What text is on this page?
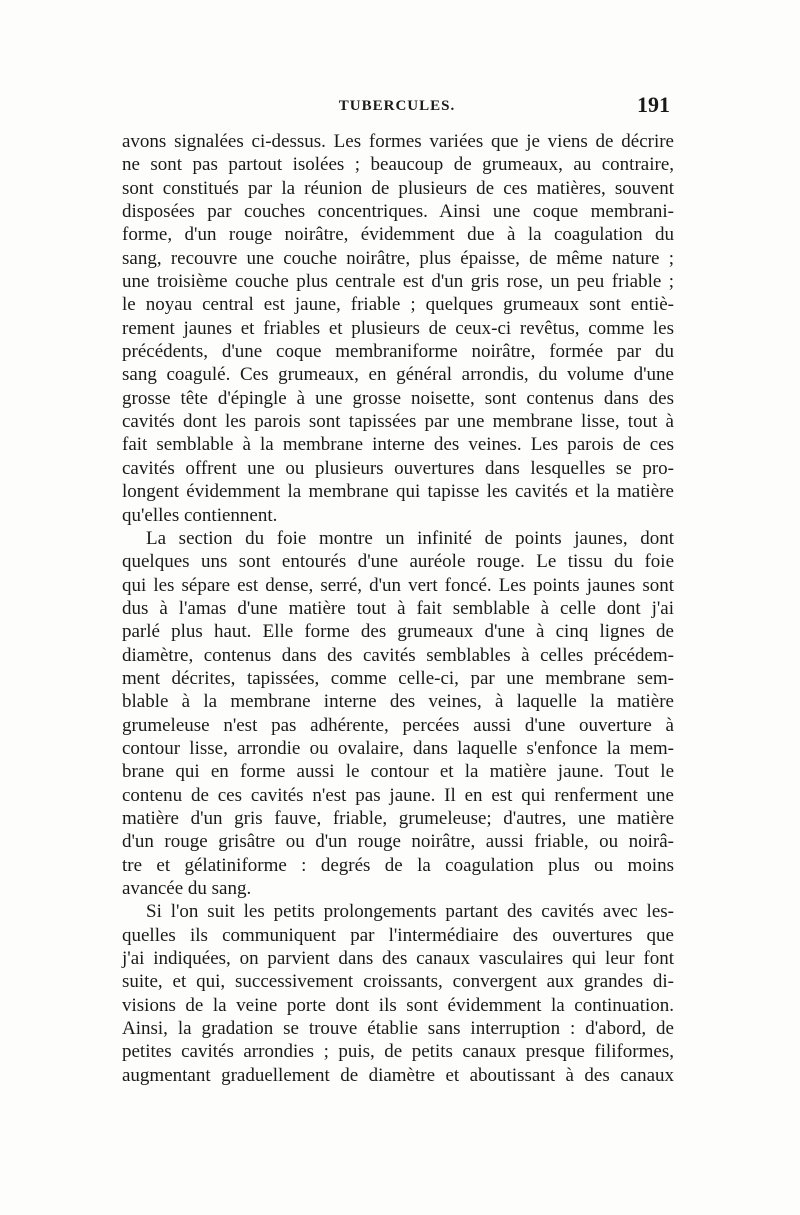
TUBERCULES.	191
avons signalées ci-dessus. Les formes variées que je viens de décrire
ne sont pas partout isolées ; beaucoup de grumeaux, au contraire,
sont constitués par la réunion de plusieurs de ces matières, souvent
disposées par couches concentriques. Ainsi une coque membrani-
forme, d'un rouge noirâtre, évidemment due à la coagulation du
sang, recouvre une couche noirâtre, plus épaisse, de même nature ;
une troisième couche plus centrale est d'un gris rose, un peu friable ;
le noyau central est jaune, friable ; quelques grumeaux sont entiè-
rement jaunes et friables et plusieurs de ceux-ci revêtus, comme les
précédents, d'une coque membraniforme noirâtre, formée par du
sang coagulé. Ces grumeaux, en général arrondis, du volume d'une
grosse tête d'épingle à une grosse noisette, sont contenus dans des
cavités dont les parois sont tapissées par une membrane lisse, tout à
fait semblable à la membrane interne des veines. Les parois de ces
cavités offrent une ou plusieurs ouvertures dans lesquelles se pro-
longent évidemment la membrane qui tapisse les cavités et la matière
qu'elles contiennent.
La section du foie montre un infinité de points jaunes, dont
quelques uns sont entourés d'une auréole rouge. Le tissu du foie
qui les sépare est dense, serré, d'un vert foncé. Les points jaunes sont
dus à l'amas d'une matière tout à fait semblable à celle dont j'ai
parlé plus haut. Elle forme des grumeaux d'une à cinq lignes de
diamètre, contenus dans des cavités semblables à celles précédem-
ment décrites, tapissées, comme celle-ci, par une membrane sem-
blable à la membrane interne des veines, à laquelle la matière
grumeleuse n'est pas adhérente, percées aussi d'une ouverture à
contour lisse, arrondie ou ovalaire, dans laquelle s'enfonce la mem-
brane qui en forme aussi le contour et la matière jaune. Tout le
contenu de ces cavités n'est pas jaune. Il en est qui renferment une
matière d'un gris fauve, friable, grumeleuse; d'autres, une matière
d'un rouge grisâtre ou d'un rouge noirâtre, aussi friable, ou noirâ-
tre et gélatiniforme : degrés de la coagulation plus ou moins
avancée du sang.
Si l'on suit les petits prolongements partant des cavités avec les-
quelles ils communiquent par l'intermédiaire des ouvertures que
j'ai indiquées, on parvient dans des canaux vasculaires qui leur font
suite, et qui, successivement croissants, convergent aux grandes di-
visions de la veine porte dont ils sont évidemment la continuation.
Ainsi, la gradation se trouve établie sans interruption : d'abord, de
petites cavités arrondies ; puis, de petits canaux presque filiformes,
augmentant graduellement de diamètre et aboutissant à des canaux
